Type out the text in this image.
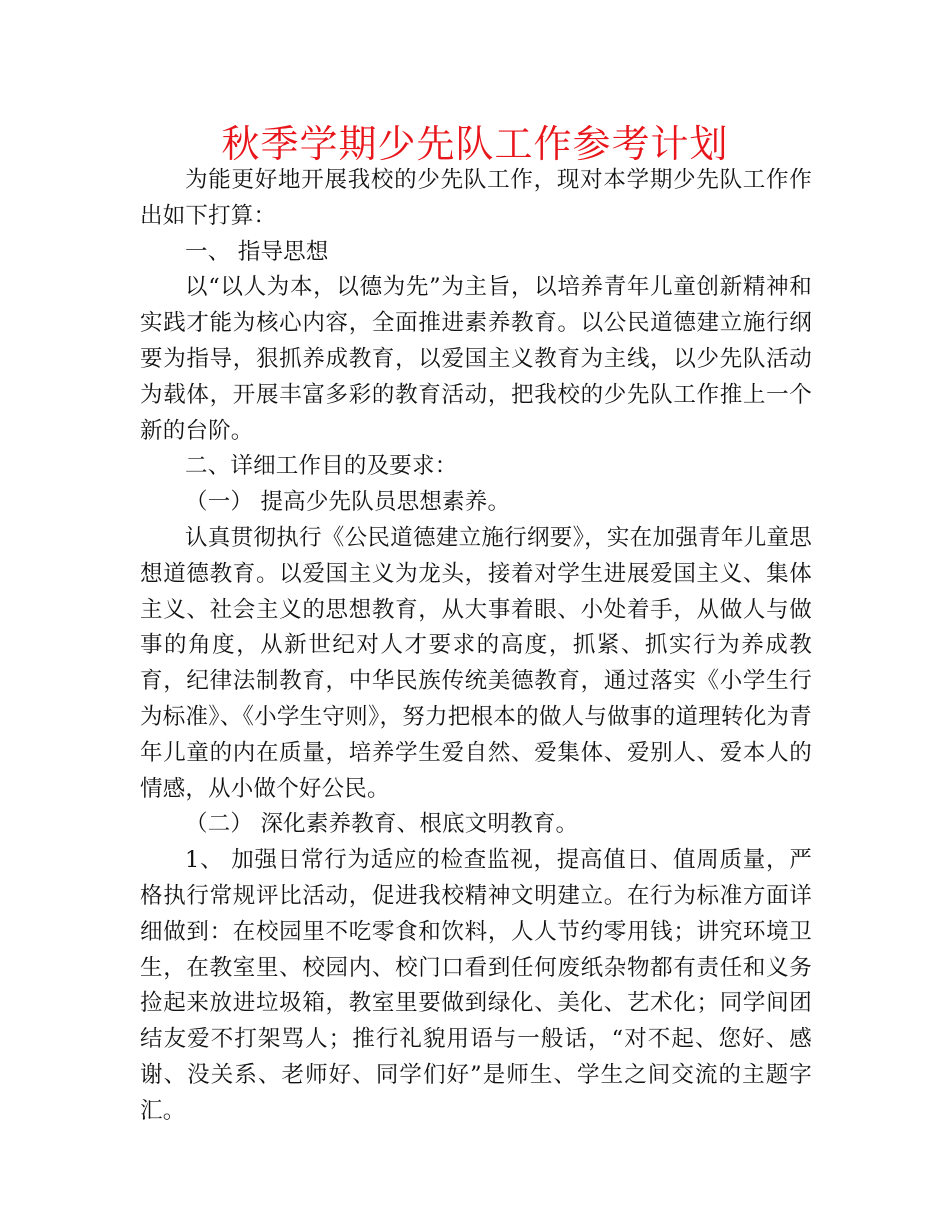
秋季学期少先队工作参考计划

为能更好地开展我校的少先队工作，现对本学期少先队工作作出如下打算：

一、 指导思想

以“以人为本，以德为先”为主旨，以培养青年儿童创新精神和实践才能为核心内容，全面推进素养教育。以公民道德建立施行纲要为指导，狠抓养成教育，以爱国主义教育为主线，以少先队活动为载体，开展丰富多彩的教育活动，把我校的少先队工作推上一个新的台阶。

二、详细工作目的及要求：

（一） 提高少先队员思想素养。

认真贯彻执行《公民道德建立施行纲要》，实在加强青年儿童思想道德教育。以爱国主义为龙头，接着对学生进展爱国主义、集体主义、社会主义的思想教育，从大事着眼、小处着手，从做人与做事的角度，从新世纪对人才要求的高度，抓紧、抓实行为养成教育，纪律法制教育，中华民族传统美德教育，通过落实《小学生行为标准》、《小学生守则》，努力把根本的做人与做事的道理转化为青年儿童的内在质量，培养学生爱自然、爱集体、爱别人、爱本人的情感，从小做个好公民。

（二） 深化素养教育、根底文明教育。

1、 加强日常行为适应的检查监视，提高值日、值周质量，严格执行常规评比活动，促进我校精神文明建立。在行为标准方面详细做到：在校园里不吃零食和饮料，人人节约零用钱；讲究环境卫生，在教室里、校园内、校门口看到任何废纸杂物都有责任和义务捡起来放进垃圾箱，教室里要做到绿化、美化、艺术化；同学间团结友爱不打架骂人；推行礼貌用语与一般话，“对不起、您好、感谢、没关系、老师好、同学们好”是师生、学生之间交流的主题字汇。
